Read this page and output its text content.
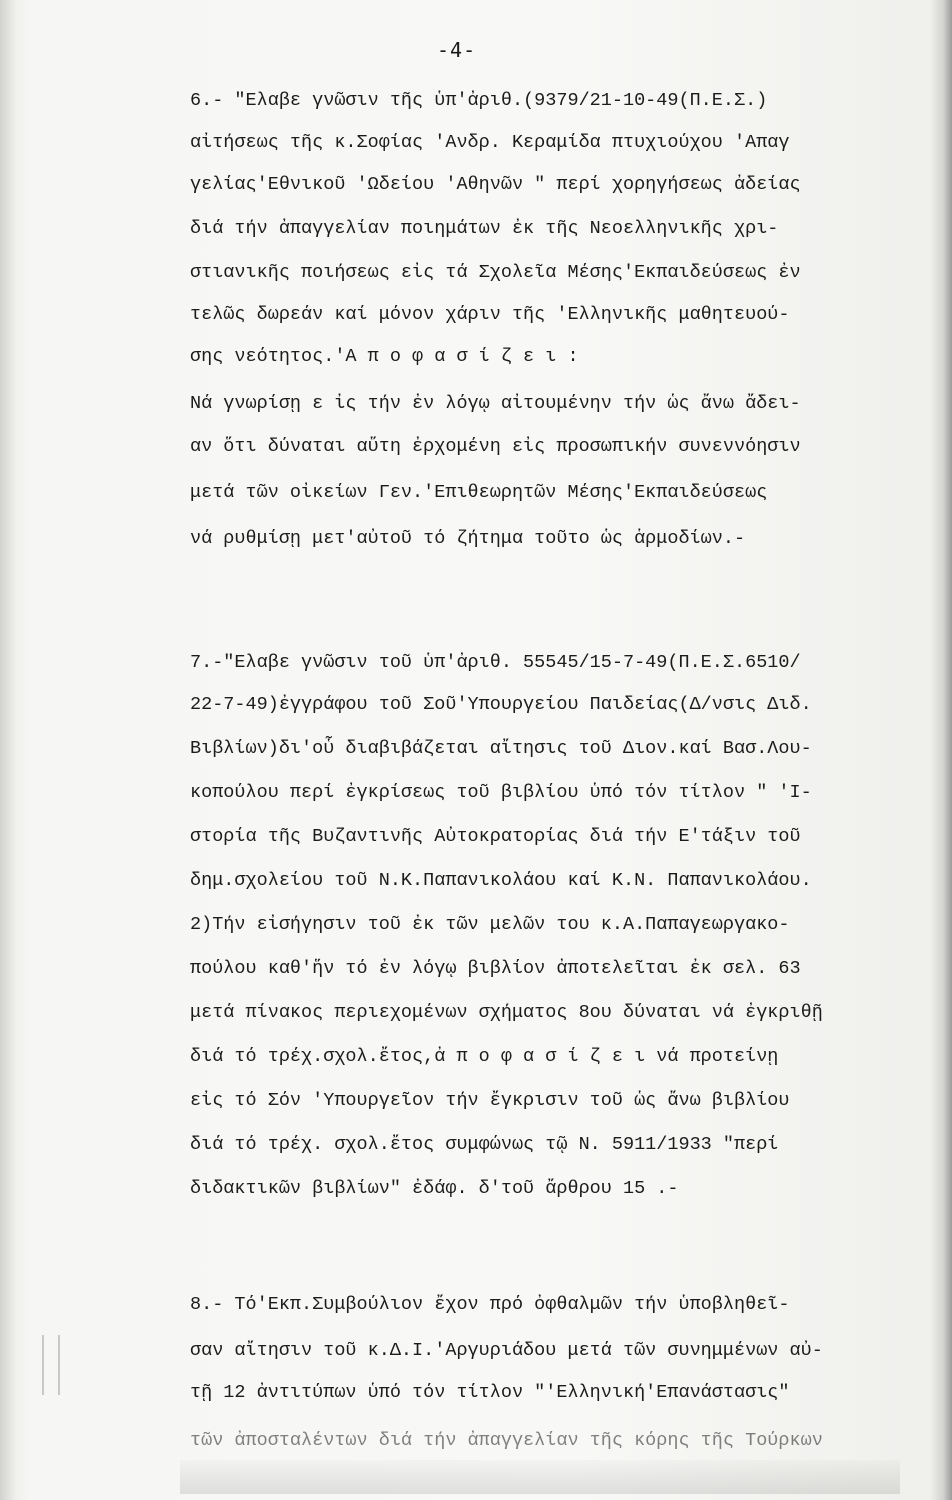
-4-
6.- "Ελαβε γνῶσιν τῆς ὑπ'ἀριθ.(9379/21-10-49(Π.Ε.Σ.)
αἰτήσεως τῆς κ.Σοφίας 'Ανδρ. Κεραμίδα πτυχιούχου 'Απαγ
γελίας'Εθνικοῦ 'Ωδείου 'Αθηνῶν " περί χορηγήσεως ἀδείας
διά τήν ἀπαγγελίαν ποιημάτων ἐκ τῆς Νεοελληνικῆς χρι-
στιανικῆς ποιήσεως εἰς τά Σχολεῖα Μέσης'Εκπαιδεύσεως ἐν
τελῶς δωρεάν καί μόνον χάριν τῆς 'Ελληνικῆς μαθητευού-
σης νεότητος.'Α π ο φ α σ ί ζ ε ι :
Νά γνωρίσῃ ε ἰς τήν ἐν λόγῳ αἰτουμένην τήν ὡς ἄνω ἄδει-
αν ὅτι δύναται αὕτη ἐρχομένη εἰς προσωπικήν συνεννόησιν
μετά τῶν οἰκείων Γεν.'Επιθεωρητῶν Μέσης'Εκπαιδεύσεως
νά ρυθμίσῃ μετ'αὐτοῦ τό ζήτημα τοῦτο ὡς ἁρμοδίων.-
7.-"Ελαβε γνῶσιν τοῦ ὑπ'ἀριθ. 55545/15-7-49(Π.Ε.Σ.6510/
22-7-49)ἐγγράφου τοῦ Σοῦ'Υπουργείου Παιδείας(Δ/νσις Διδ.
Βιβλίων)δι'οὗ διαβιβάζεται αἴτησις τοῦ Διον.καί Βασ.Λου-
κοπούλου περί ἐγκρίσεως τοῦ βιβλίου ὑπό τόν τίτλον " 'Ι-
στορία τῆς Βυζαντινῆς Αὐτοκρατορίας διά τήν Ε'τάξιν τοῦ
δημ.σχολείου τοῦ Ν.Κ.Παπανικολάου καί Κ.Ν. Παπανικολάου.
2)Τήν εἰσήγησιν τοῦ ἐκ τῶν μελῶν του κ.Α.Παπαγεωργακο-
πούλου καθ'ἥν τό ἐν λόγῳ βιβλίον ἀποτελεῖται ἐκ σελ. 63
μετά πίνακος περιεχομένων σχήματος 8ου δύναται νά ἐγκριθῇ
διά τό τρέχ.σχολ.ἔτος,ἀ π ο φ α σ ί ζ ε ι νά προτείνῃ
εἰς τό Σόν 'Υπουργεῖον τήν ἔγκρισιν τοῦ ὡς ἄνω βιβλίου
διά τό τρέχ. σχολ.ἔτος συμφώνως τῷ Ν. 5911/1933 "περί
διδακτικῶν βιβλίων" ἐδάφ. δ'τοῦ ἄρθρου 15 .-
8.- Τό'Εκπ.Συμβούλιον ἔχον πρό ὀφθαλμῶν τήν ὑποβληθεῖ-
σαν αἴτησιν τοῦ κ.Δ.Ι.'Αργυριάδου μετά τῶν συνημμένων αὐ-
τῇ 12 ἀντιτύπων ὑπό τόν τίτλον "'Ελληνική'Επανάστασις"
τῶν ἀποσταλέντων διά τήν ἀπαγγελίαν τῆς κόρης τῆς Τούρκων
